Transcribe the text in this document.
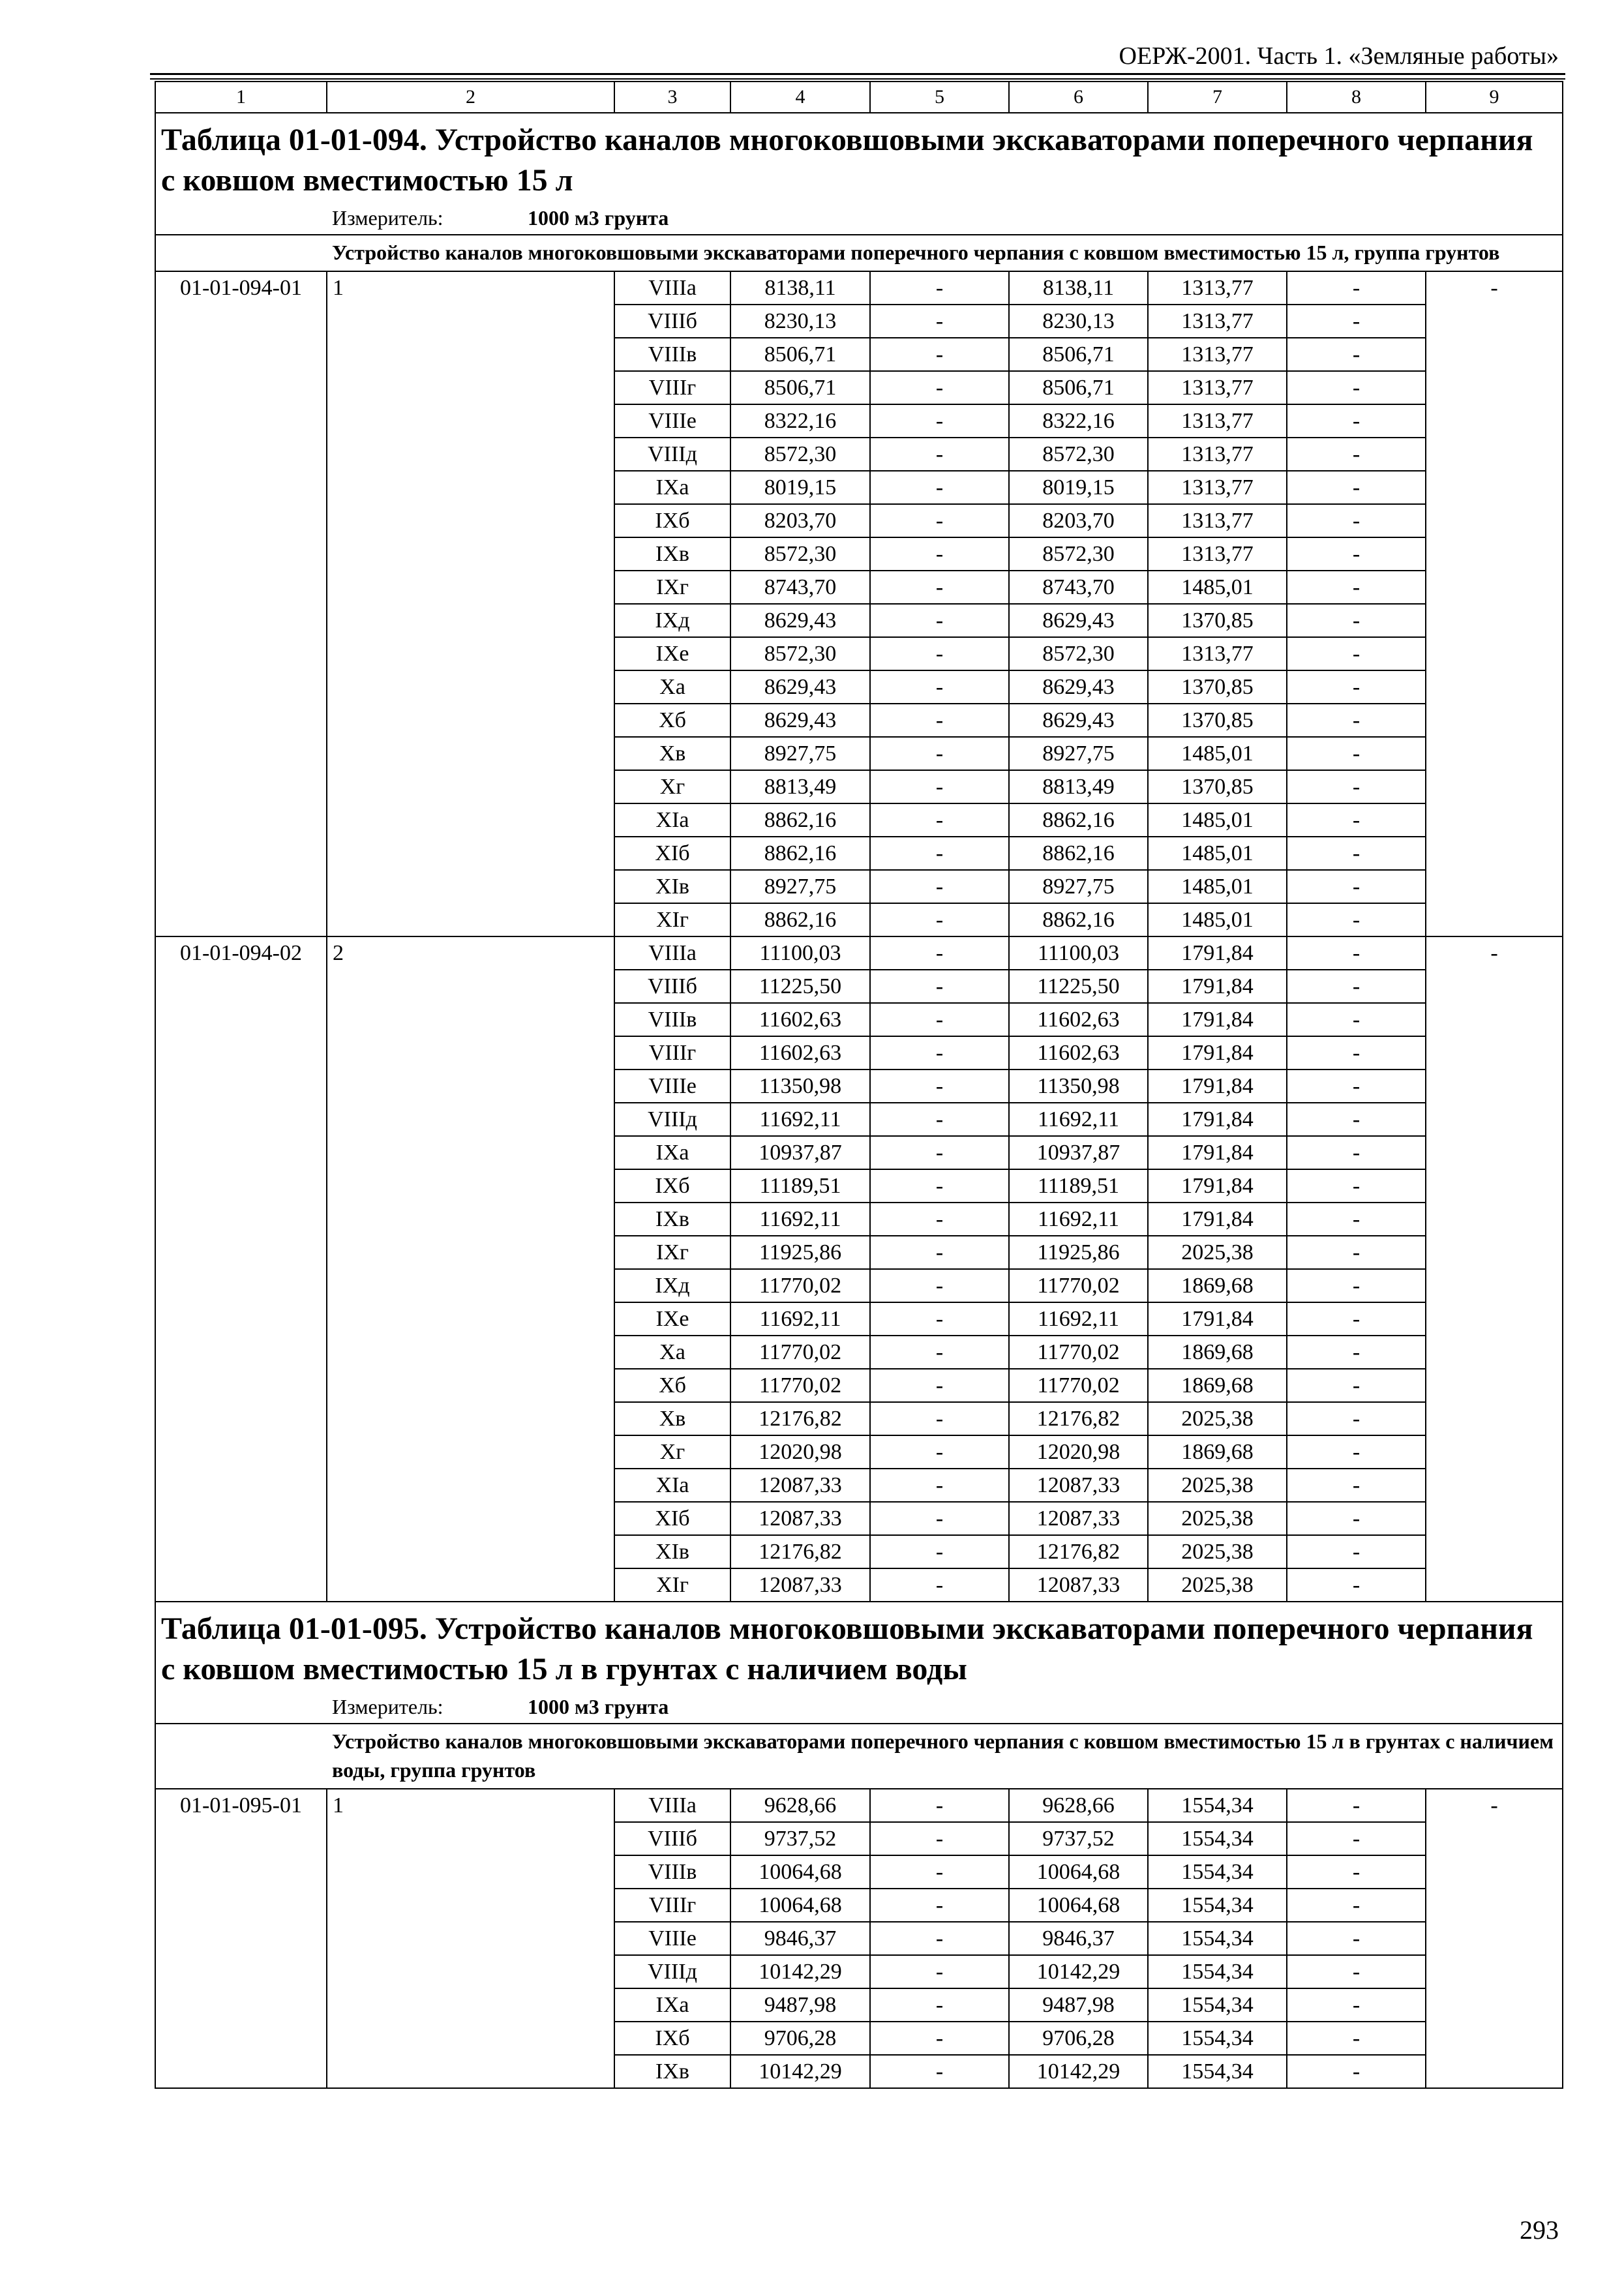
ОЕРЖ-2001. Часть 1. «Земляные работы»
1	2	3	4	5	6	7	8	9
Таблица 01-01-094. Устройство каналов многоковшовыми экскаваторами поперечного черпания с ковшом вместимостью 15 л								
Измеритель: 1000 м3 грунта								
Устройство каналов многоковшовыми экскаваторами поперечного черпания с ковшом вместимостью 15 л, группа грунтов								
01-01-094-01	1	VIIIа	8138,11	-	8138,11	1313,77	-	-
		VIIIб	8230,13	-	8230,13	1313,77	-	
		VIIIв	8506,71	-	8506,71	1313,77	-	
		VIIIг	8506,71	-	8506,71	1313,77	-	
		VIIIе	8322,16	-	8322,16	1313,77	-	
		VIIIд	8572,30	-	8572,30	1313,77	-	
		IXа	8019,15	-	8019,15	1313,77	-	
		IXб	8203,70	-	8203,70	1313,77	-	
		IXв	8572,30	-	8572,30	1313,77	-	
		IXг	8743,70	-	8743,70	1485,01	-	
		IXд	8629,43	-	8629,43	1370,85	-	
		IXе	8572,30	-	8572,30	1313,77	-	
		Xа	8629,43	-	8629,43	1370,85	-	
		Xб	8629,43	-	8629,43	1370,85	-	
		Xв	8927,75	-	8927,75	1485,01	-	
		Xг	8813,49	-	8813,49	1370,85	-	
		XIа	8862,16	-	8862,16	1485,01	-	
		XIб	8862,16	-	8862,16	1485,01	-	
		XIв	8927,75	-	8927,75	1485,01	-	
		XIг	8862,16	-	8862,16	1485,01	-	
01-01-094-02	2	VIIIа	11100,03	-	11100,03	1791,84	-	-
		VIIIб	11225,50	-	11225,50	1791,84	-	
		VIIIв	11602,63	-	11602,63	1791,84	-	
		VIIIг	11602,63	-	11602,63	1791,84	-	
		VIIIе	11350,98	-	11350,98	1791,84	-	
		VIIIд	11692,11	-	11692,11	1791,84	-	
		IXа	10937,87	-	10937,87	1791,84	-	
		IXб	11189,51	-	11189,51	1791,84	-	
		IXв	11692,11	-	11692,11	1791,84	-	
		IXг	11925,86	-	11925,86	2025,38	-	
		IXд	11770,02	-	11770,02	1869,68	-	
		IXе	11692,11	-	11692,11	1791,84	-	
		Xа	11770,02	-	11770,02	1869,68	-	
		Xб	11770,02	-	11770,02	1869,68	-	
		Xв	12176,82	-	12176,82	2025,38	-	
		Xг	12020,98	-	12020,98	1869,68	-	
		XIа	12087,33	-	12087,33	2025,38	-	
		XIб	12087,33	-	12087,33	2025,38	-	
		XIв	12176,82	-	12176,82	2025,38	-	
		XIг	12087,33	-	12087,33	2025,38	-	
Таблица 01-01-095. Устройство каналов многоковшовыми экскаваторами поперечного черпания с ковшом вместимостью 15 л в грунтах с наличием воды								
Измеритель: 1000 м3 грунта								
Устройство каналов многоковшовыми экскаваторами поперечного черпания с ковшом вместимостью 15 л в грунтах с наличием воды, группа грунтов								
01-01-095-01	1	VIIIа	9628,66	-	9628,66	1554,34	-	-
		VIIIб	9737,52	-	9737,52	1554,34	-	
		VIIIв	10064,68	-	10064,68	1554,34	-	
		VIIIг	10064,68	-	10064,68	1554,34	-	
		VIIIе	9846,37	-	9846,37	1554,34	-	
		VIIIд	10142,29	-	10142,29	1554,34	-	
		IXа	9487,98	-	9487,98	1554,34	-	
		IXб	9706,28	-	9706,28	1554,34	-	
		IXв	10142,29	-	10142,29	1554,34	-	
293
